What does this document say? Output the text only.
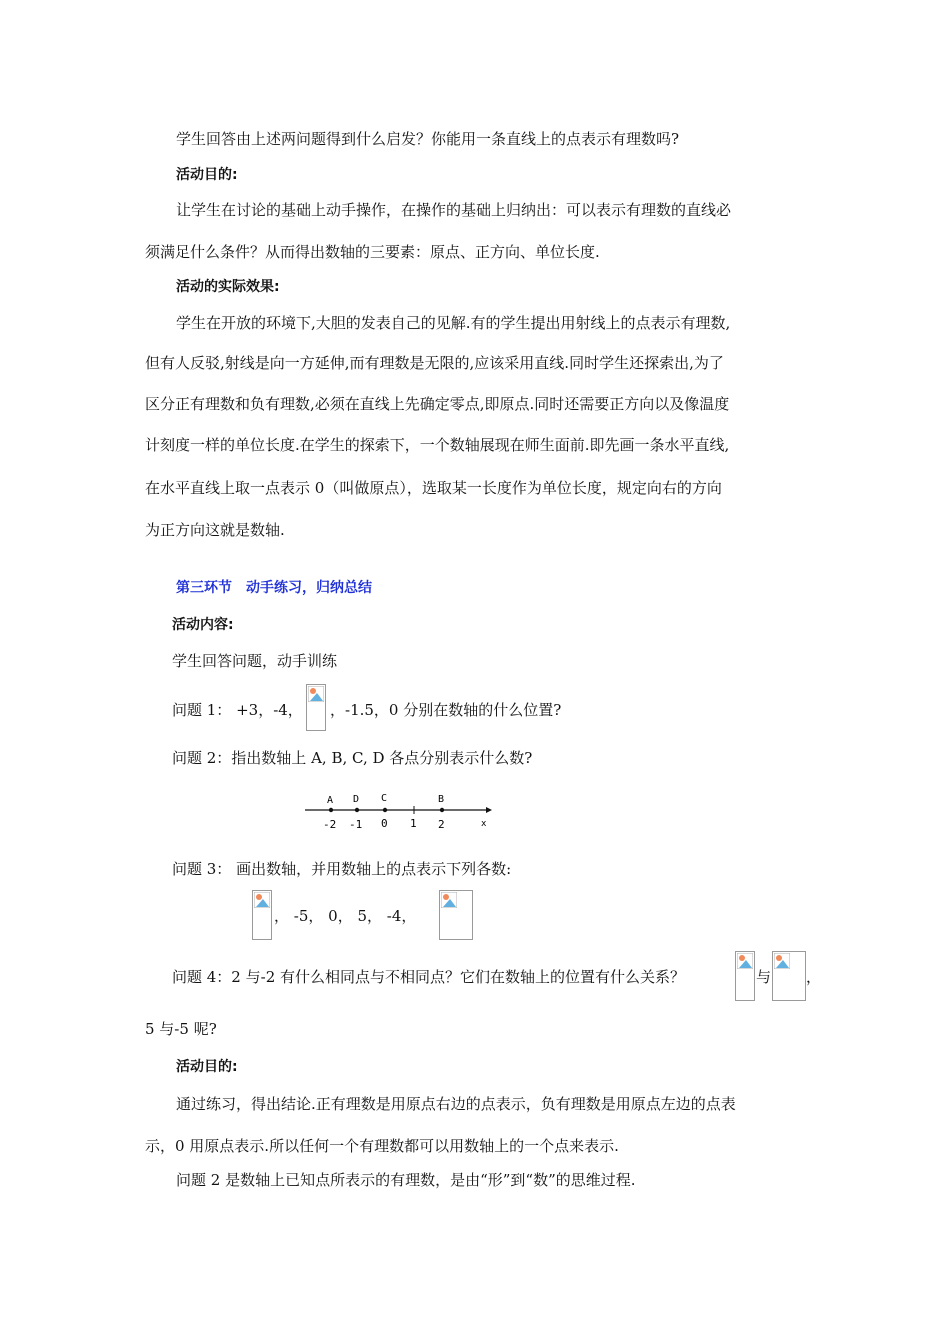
学生回答由上述两问题得到什么启发？你能用一条直线上的点表示有理数吗?
活动目的:
让学生在讨论的基础上动手操作，在操作的基础上归纳出：可以表示有理数的直线必
须满足什么条件？从而得出数轴的三要素：原点、正方向、单位长度.
活动的实际效果:
学生在开放的环境下,大胆的发表自己的见解.有的学生提出用射线上的点表示有理数,
但有人反驳,射线是向一方延伸,而有理数是无限的,应该采用直线.同时学生还探索出,为了
区分正有理数和负有理数,必须在直线上先确定零点,即原点.同时还需要正方向以及像温度
计刻度一样的单位长度.在学生的探索下，一个数轴展现在师生面前.即先画一条水平直线,
在水平直线上取一点表示 0（叫做原点），选取某一长度作为单位长度，规定向右的方向
为正方向这就是数轴.
第三环节　动手练习，归纳总结
活动内容:
学生回答问题，动手训练
问题 1： +3，-4， ，-1.5，0 分别在数轴的什么位置?
问题 2：指出数轴上 A, B, C, D 各点分别表示什么数?
A D C	B
-2 -1 0 1 2	x
问题 3： 画出数轴，并用数轴上的点表示下列各数:
， -5， 0， 5， -4，
问题 4：2 与-2 有什么相同点与不相同点？它们在数轴上的位置有什么关系？	与 ，
5 与-5 呢?
活动目的:
通过练习，得出结论.正有理数是用原点右边的点表示，负有理数是用原点左边的点表
示，0 用原点表示.所以任何一个有理数都可以用数轴上的一个点来表示.
问题 2 是数轴上已知点所表示的有理数，是由“形”到“数”的思维过程.
